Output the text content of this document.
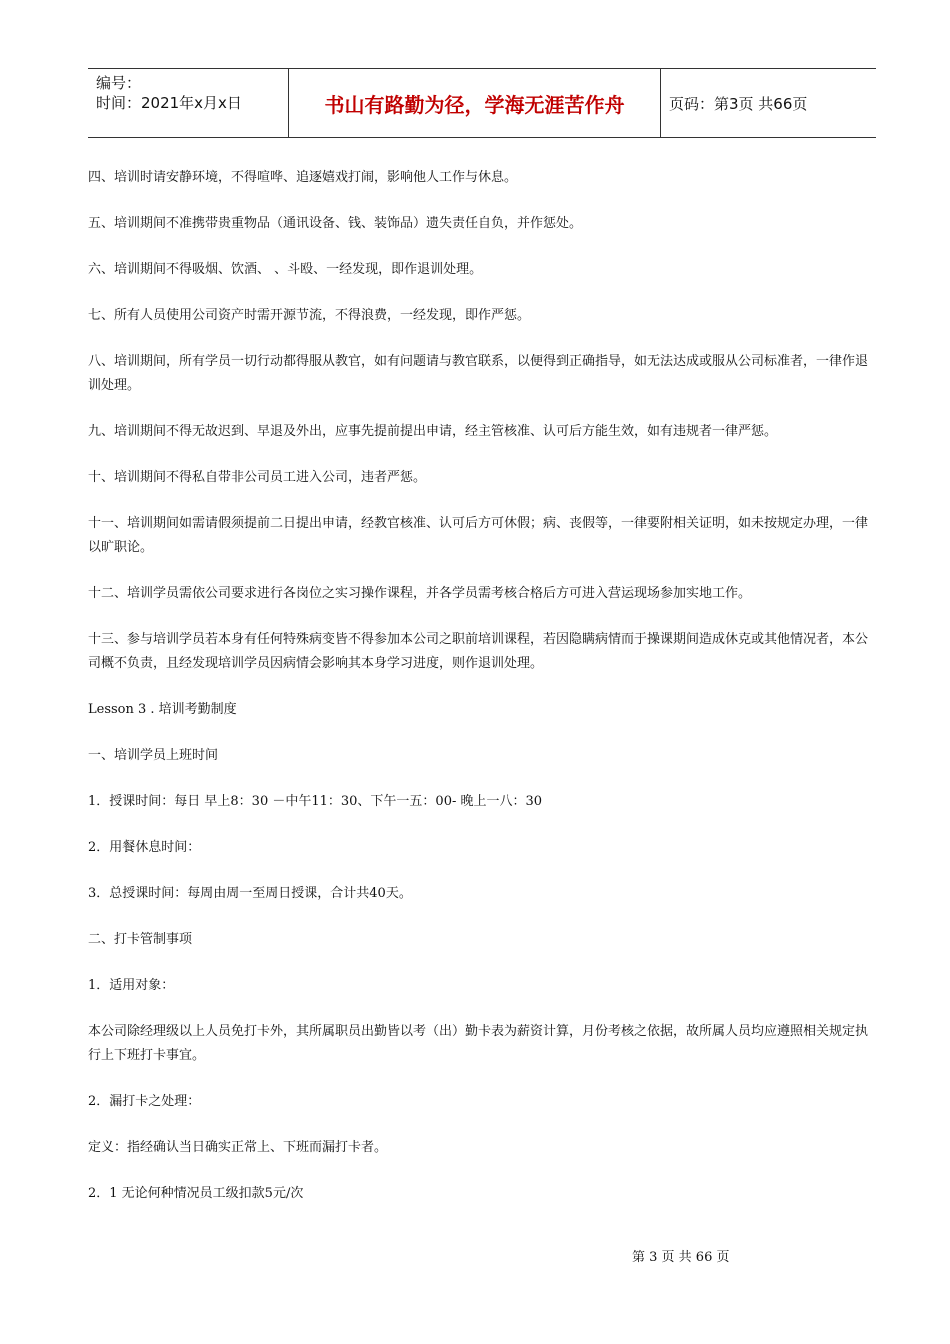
编号：
时间：2021年x月x日	书山有路勤为径，学海无涯苦作舟	页码：第3页 共66页

四、培训时请安静环境，不得喧哗、追逐嬉戏打闹，影响他人工作与休息。

五、培训期间不准携带贵重物品（通讯设备、钱、装饰品）遗失责任自负，并作惩处。

六、培训期间不得吸烟、饮酒、 、斗殴、一经发现，即作退训处理。

七、所有人员使用公司资产时需开源节流，不得浪费，一经发现，即作严惩。

八、培训期间，所有学员一切行动都得服从教官，如有问题请与教官联系，以便得到正确指导，如无法达成或服从公司标准者，一律作退训处理。

九、培训期间不得无故迟到、早退及外出，应事先提前提出申请，经主管核准、认可后方能生效，如有违规者一律严惩。

十、培训期间不得私自带非公司员工进入公司，违者严惩。

十一、培训期间如需请假须提前二日提出申请，经教官核准、认可后方可休假；病、丧假等，一律要附相关证明，如未按规定办理，一律以旷职论。

十二、培训学员需依公司要求进行各岗位之实习操作课程，并各学员需考核合格后方可进入营运现场参加实地工作。

十三、参与培训学员若本身有任何特殊病变皆不得参加本公司之职前培训课程，若因隐瞒病情而于操课期间造成休克或其他情况者，本公司概不负责，且经发现培训学员因病情会影响其本身学习进度，则作退训处理。

Lesson 3 . 培训考勤制度

一、培训学员上班时间

1．授课时间：每日 早上8：30 －中午11：30、下午一五：00- 晚上一八：30

2．用餐休息时间：

3．总授课时间：每周由周一至周日授课，合计共40天。

二、打卡管制事项

1．适用对象：

本公司除经理级以上人员免打卡外，其所属职员出勤皆以考（出）勤卡表为薪资计算，月份考核之依据，故所属人员均应遵照相关规定执行上下班打卡事宜。

2．漏打卡之处理：

定义：指经确认当日确实正常上、下班而漏打卡者。

2．1 无论何种情况员工级扣款5元/次

第 3 页 共 66 页
